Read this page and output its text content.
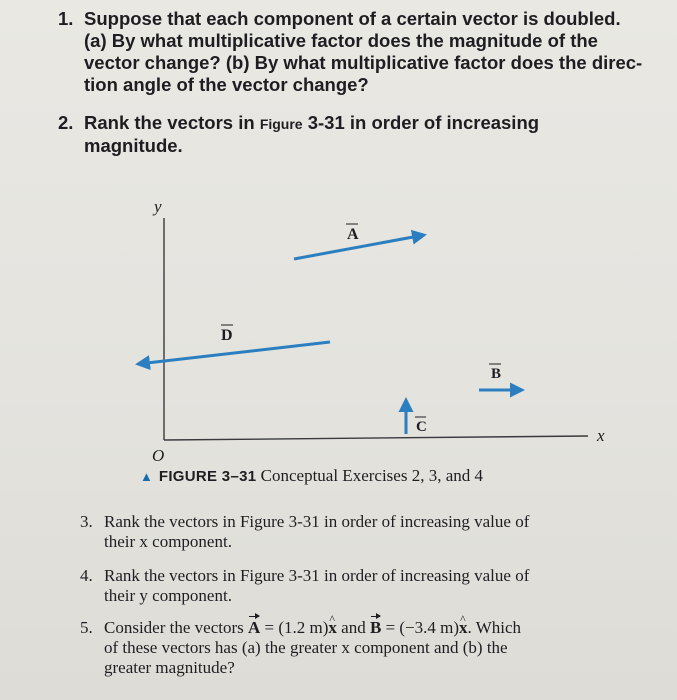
1. Suppose that each component of a certain vector is doubled.
(a) By what multiplicative factor does the magnitude of the
vector change? (b) By what multiplicative factor does the direc-
tion angle of the vector change?
2. Rank the vectors in Figure 3-31 in order of increasing
magnitude.
y
x
O
A
D
B
C
▲ FIGURE 3–31 Conceptual Exercises 2, 3, and 4
3. Rank the vectors in Figure 3-31 in order of increasing value of
their x component.
4. Rank the vectors in Figure 3-31 in order of increasing value of
their y component.
5. Consider the vectors A = (1.2 m)^ x and B = (−3.4 m)^ x. Which
of these vectors has (a) the greater x component and (b) the
greater magnitude?
